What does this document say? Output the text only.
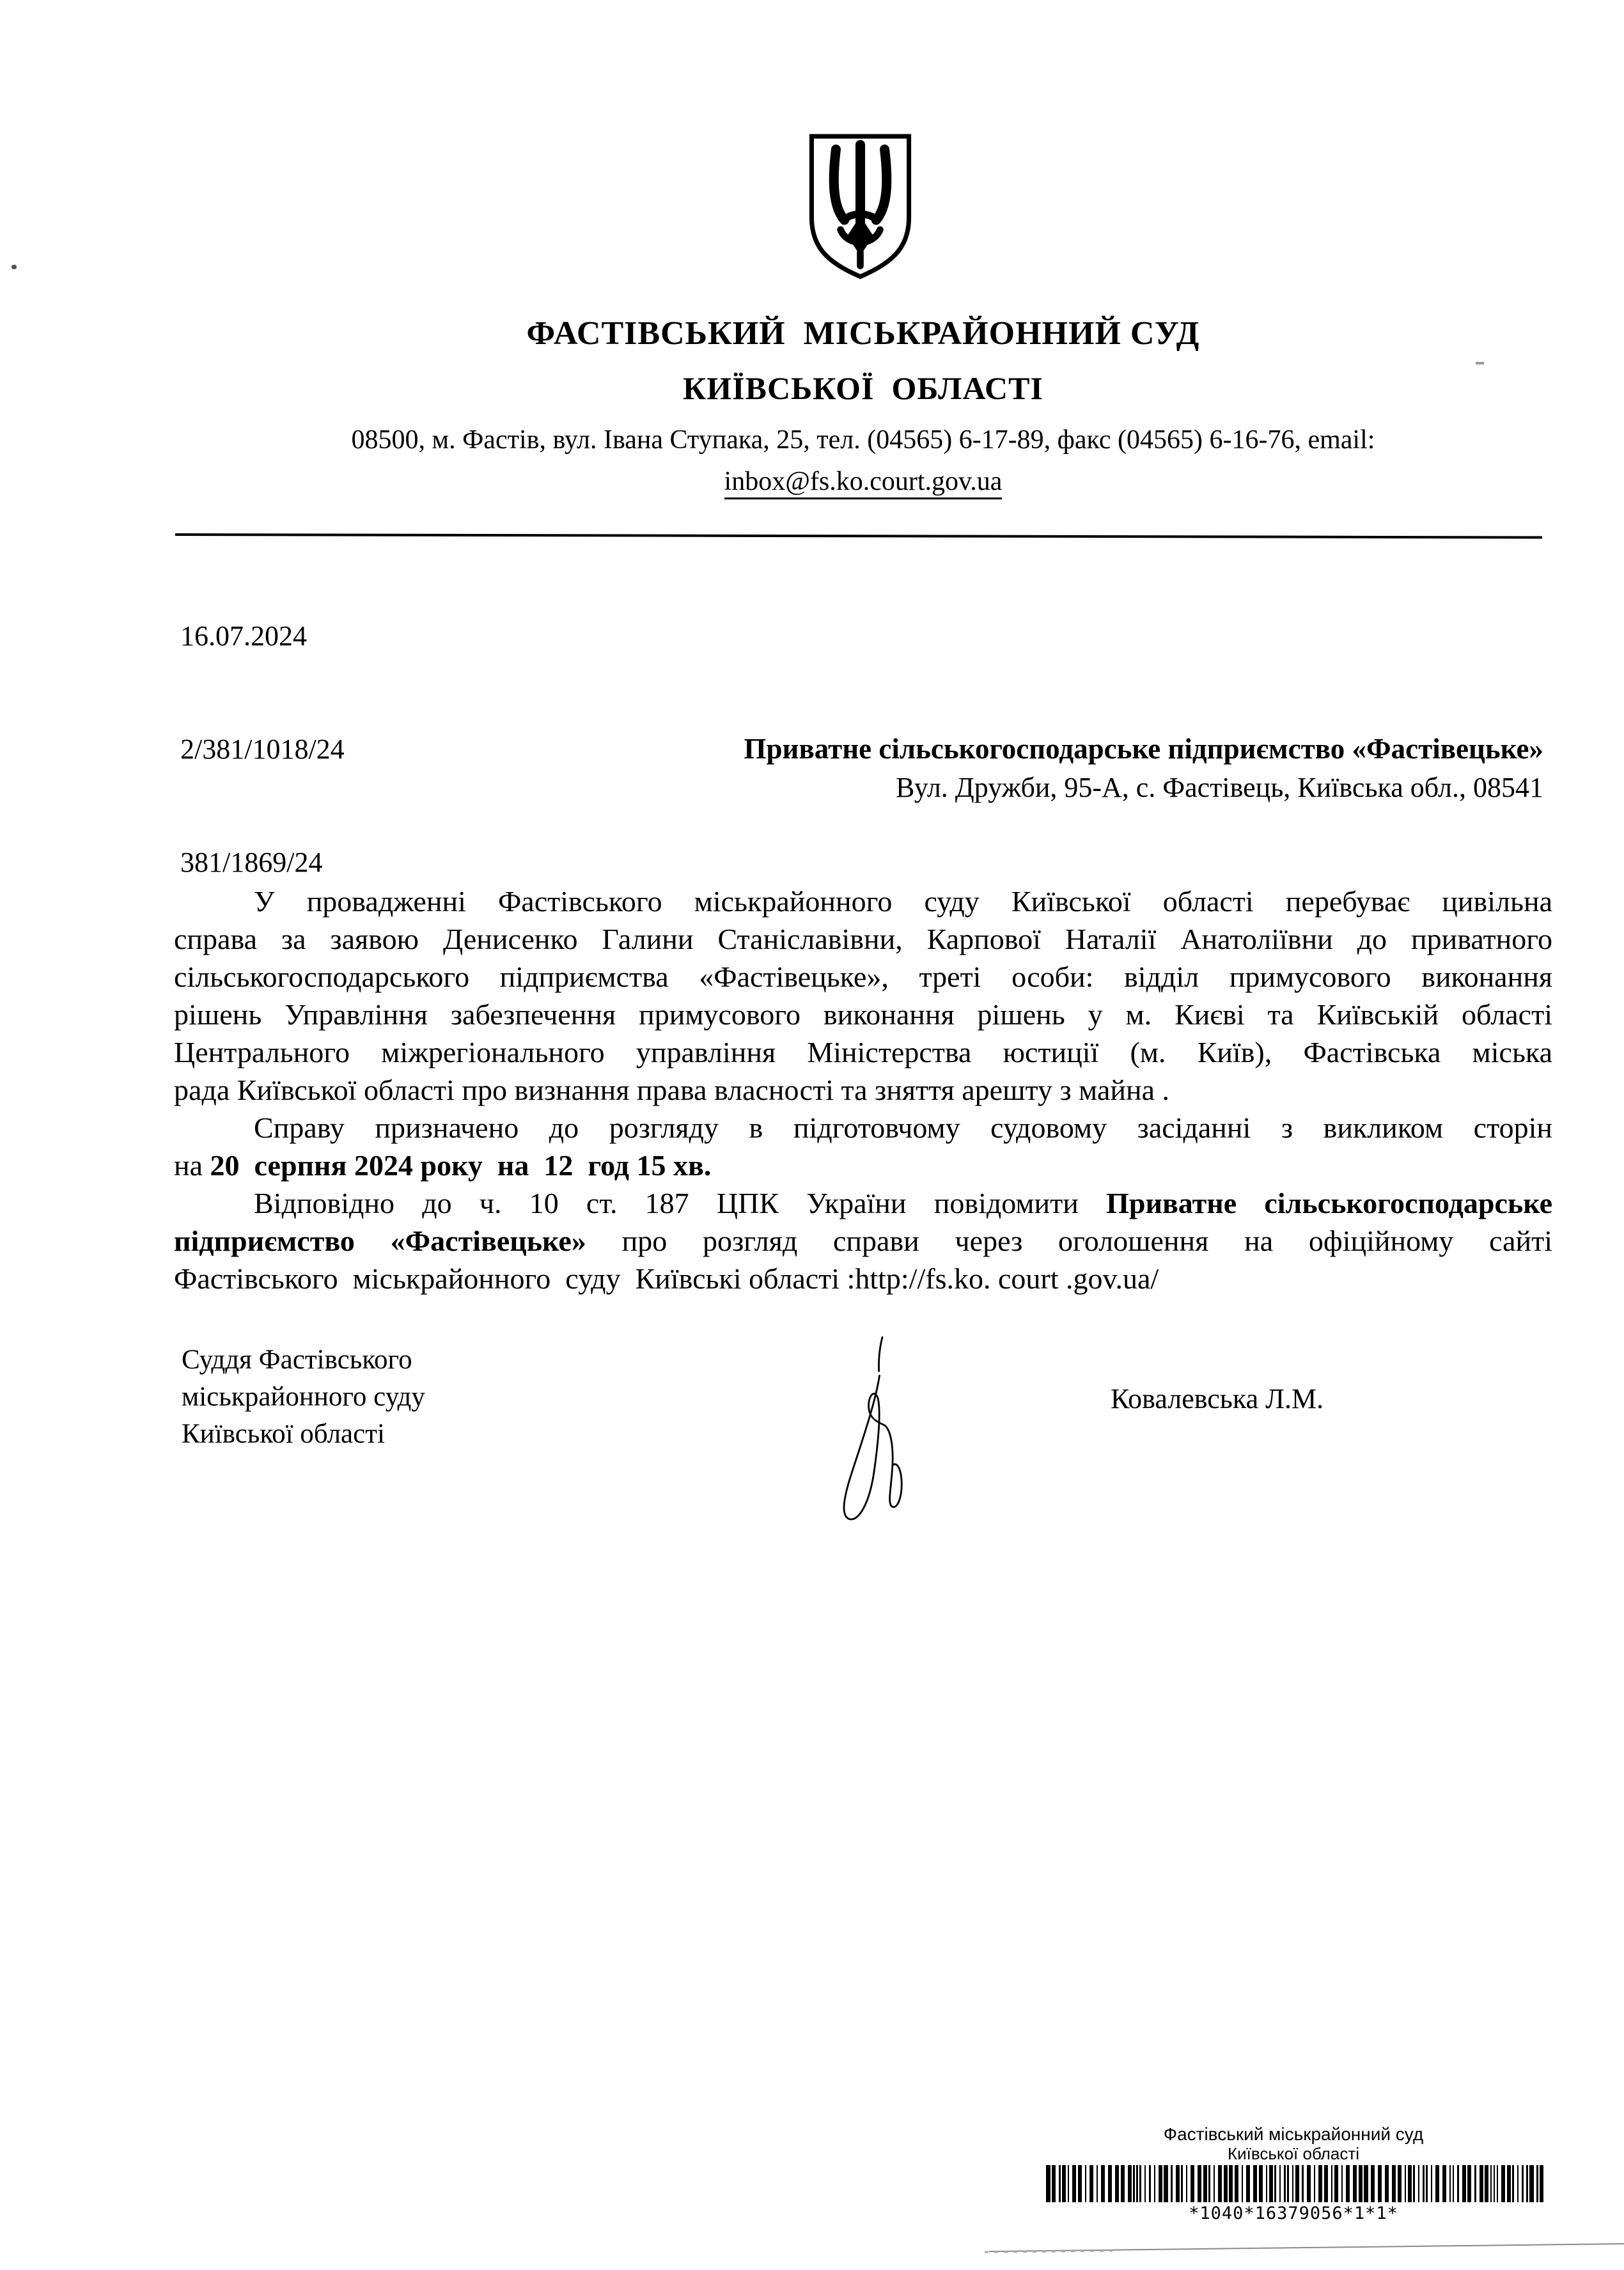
ФАСТІВСЬКИЙ  МІСЬКРАЙОННИЙ СУД
КИЇВСЬКОЇ  ОБЛАСТІ
08500, м. Фастів, вул. Івана Ступака, 25, тел. (04565) 6-17-89, факс (04565) 6-16-76, email:
inbox@fs.ko.court.gov.ua

16.07.2024

2/381/1018/24

381/1869/24

Приватне сільськогосподарське підприємство «Фастівецьке»
Вул. Дружби, 95-А, с. Фастівець, Київська обл., 08541
У провадженні Фастівського міськрайонного суду Київської області перебуває цивільна
справа за заявою Денисенко Галини Станіславівни, Карпової Наталії Анатоліївни до приватного
сільськогосподарського підприємства «Фастівецьке», треті особи: відділ примусового виконання
рішень Управління забезпечення примусового виконання рішень у м. Києві та Київській області
Центрального міжрегіонального управління Міністерства юстиції (м. Київ), Фастівська міська
рада Київської області про визнання права власності та зняття арешту з майна .
Справу призначено до розгляду в підготовчому судовому засіданні з викликом сторін
на 20  серпня 2024 року  на  12  год 15 хв.
Відповідно до ч. 10 ст. 187 ЦПК України повідомити Приватне сільськогосподарське
підприємство «Фастівецьке» про розгляд справи через оголошення на офіційному сайті
Фастівського  міськрайонного  суду  Київські області :http://fs.ko. court .gov.ua/
Суддя Фастівського
міськрайонного суду
Київської області
Ковалевська Л.М.
Фастівський міськрайонний суд
Київської області
*1040*16379056*1*1*
